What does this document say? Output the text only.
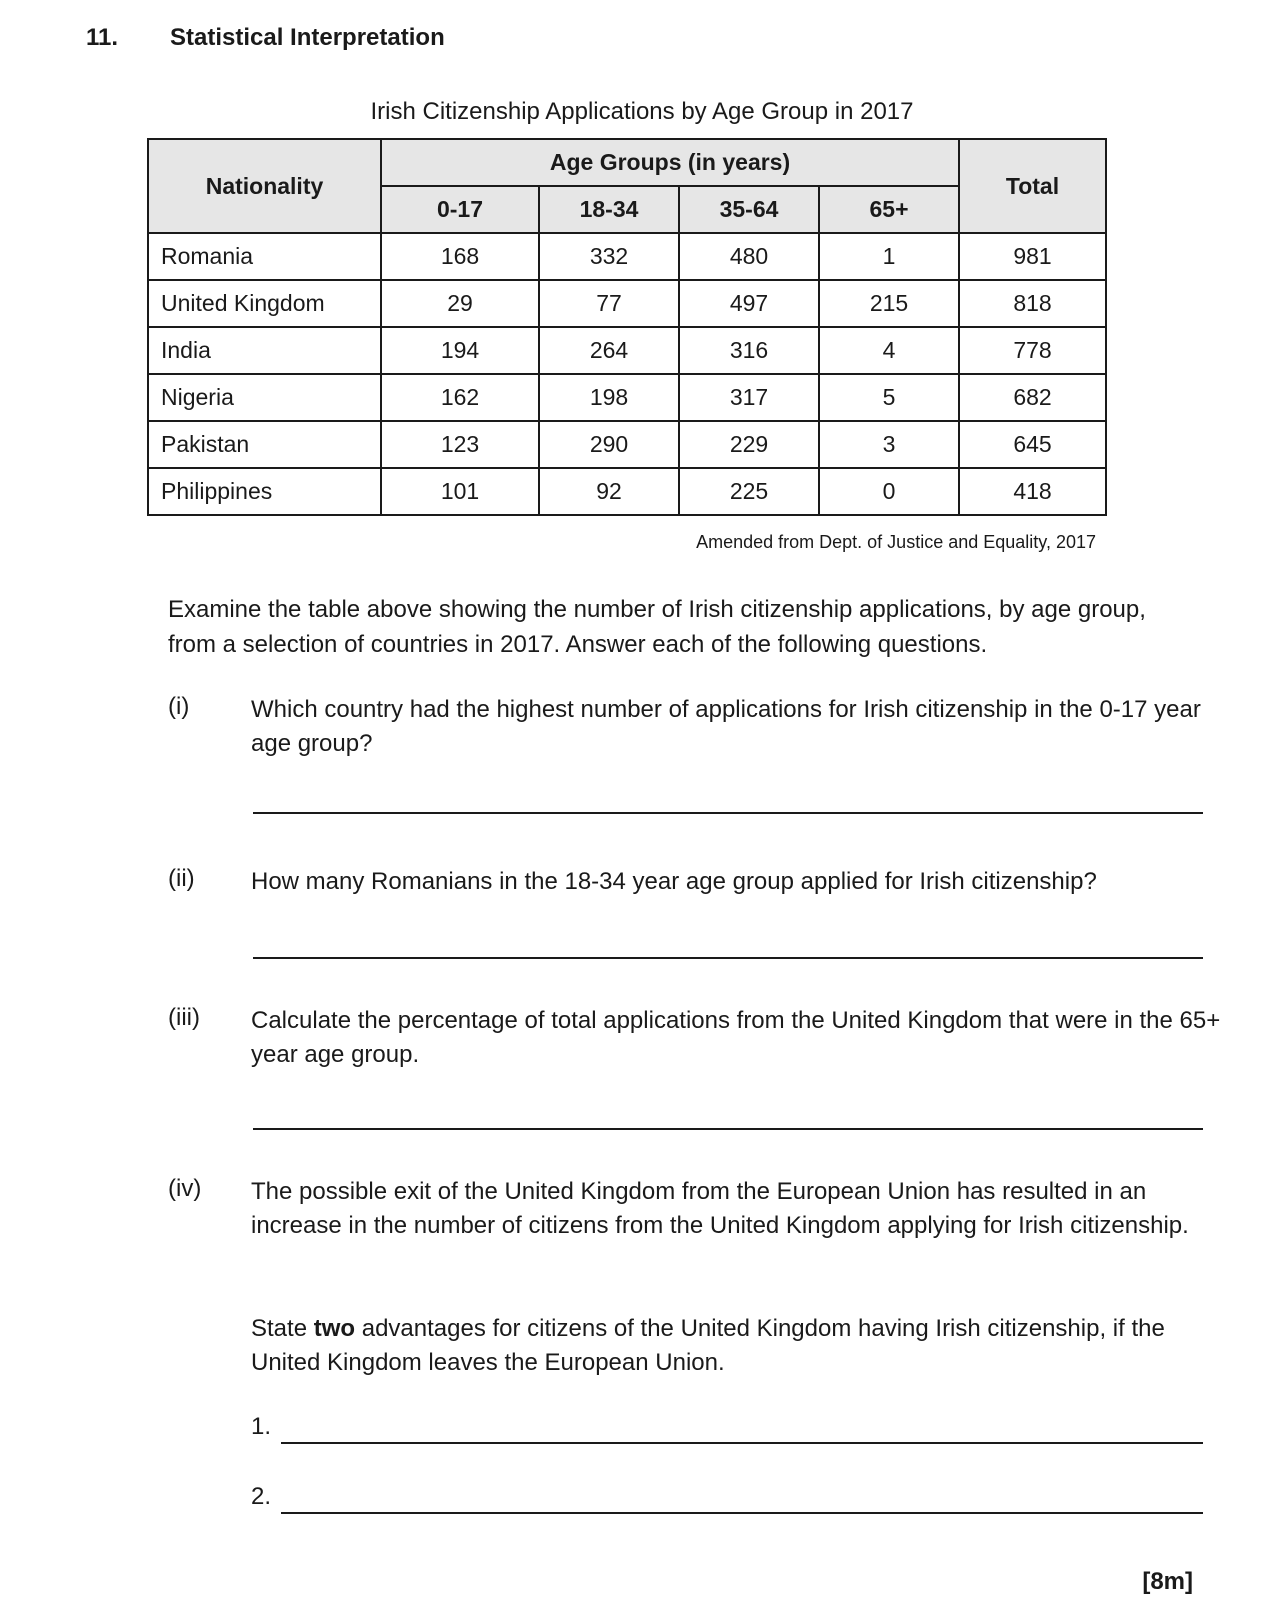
11. Statistical Interpretation
Irish Citizenship Applications by Age Group in 2017
Nationality	Age Groups (in years)				Total
	0-17	18-34	35-64	65+	
Romania	168	332	480	1	981
United Kingdom	29	77	497	215	818
India	194	264	316	4	778
Nigeria	162	198	317	5	682
Pakistan	123	290	229	3	645
Philippines	101	92	225	0	418
Amended from Dept. of Justice and Equality, 2017
Examine the table above showing the number of Irish citizenship applications, by age group, from a selection of countries in 2017. Answer each of the following questions.
(i)	Which country had the highest number of applications for Irish citizenship in the 0-17 year age group?
(ii) How many Romanians in the 18-34 year age group applied for Irish citizenship?
(iii) Calculate the percentage of total applications from the United Kingdom that were in the 65+ year age group.
(iv) The possible exit of the United Kingdom from the European Union has resulted in an increase in the number of citizens from the United Kingdom applying for Irish citizenship.
State two advantages for citizens of the United Kingdom having Irish citizenship, if the United Kingdom leaves the European Union.
1.
2.
[8m]
